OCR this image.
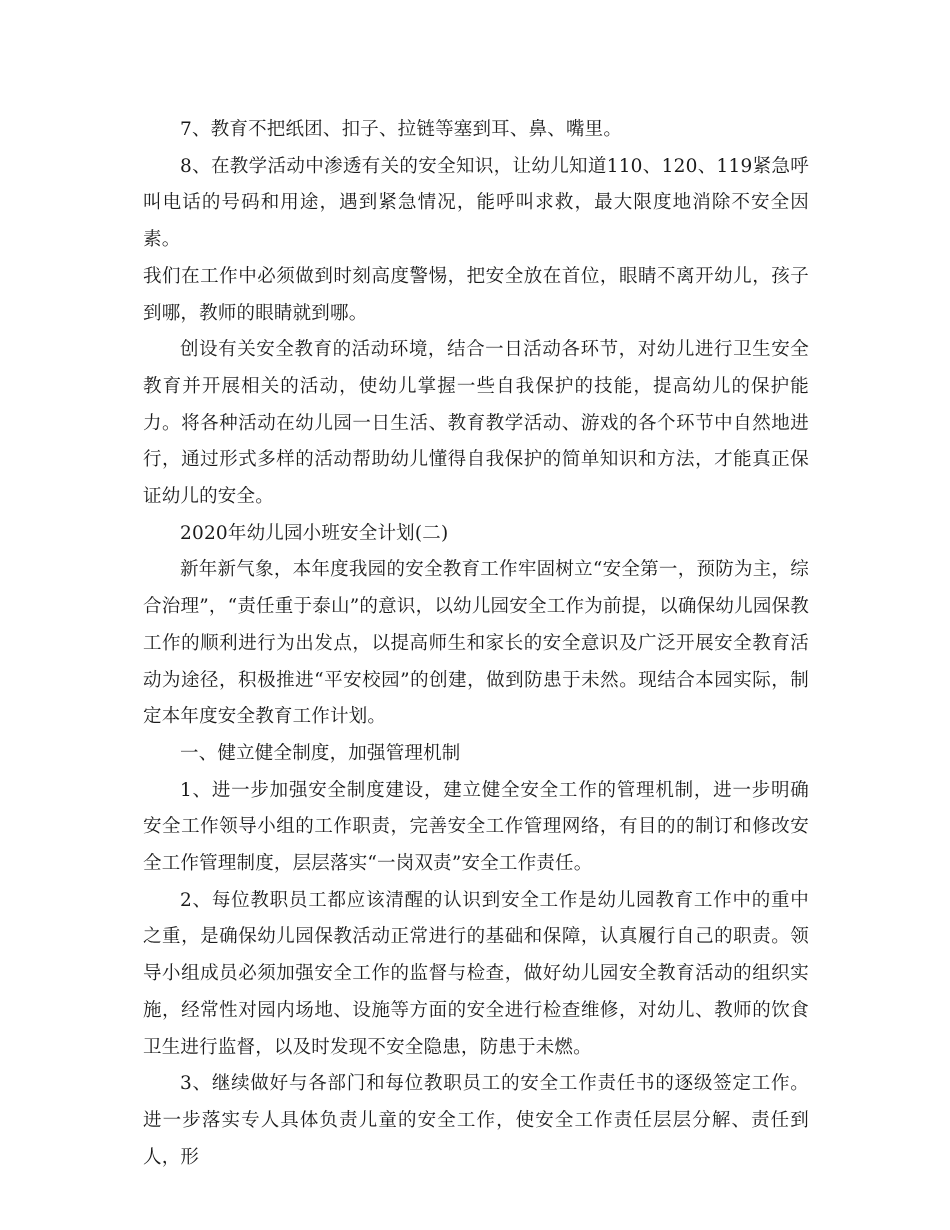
7、教育不把纸团、扣子、拉链等塞到耳、鼻、嘴里。

8、在教学活动中渗透有关的安全知识，让幼儿知道110、120、119紧急呼叫电话的号码和用途，遇到紧急情况，能呼叫求救，最大限度地消除不安全因素。

我们在工作中必须做到时刻高度警惕，把安全放在首位，眼睛不离开幼儿，孩子到哪，教师的眼睛就到哪。

创设有关安全教育的活动环境，结合一日活动各环节，对幼儿进行卫生安全教育并开展相关的活动，使幼儿掌握一些自我保护的技能，提高幼儿的保护能力。将各种活动在幼儿园一日生活、教育教学活动、游戏的各个环节中自然地进行，通过形式多样的活动帮助幼儿懂得自我保护的简单知识和方法，才能真正保证幼儿的安全。

2020年幼儿园小班安全计划(二)

新年新气象，本年度我园的安全教育工作牢固树立“安全第一，预防为主，综合治理”，“责任重于泰山”的意识，以幼儿园安全工作为前提，以确保幼儿园保教工作的顺利进行为出发点，以提高师生和家长的安全意识及广泛开展安全教育活动为途径，积极推进“平安校园”的创建，做到防患于未然。现结合本园实际，制定本年度安全教育工作计划。

一、健立健全制度，加强管理机制

1、进一步加强安全制度建设，建立健全安全工作的管理机制，进一步明确安全工作领导小组的工作职责，完善安全工作管理网络，有目的的制订和修改安全工作管理制度，层层落实“一岗双责”安全工作责任。

2、每位教职员工都应该清醒的认识到安全工作是幼儿园教育工作中的重中之重，是确保幼儿园保教活动正常进行的基础和保障，认真履行自己的职责。领导小组成员必须加强安全工作的监督与检查，做好幼儿园安全教育活动的组织实施，经常性对园内场地、设施等方面的安全进行检查维修，对幼儿、教师的饮食卫生进行监督，以及时发现不安全隐患，防患于未燃。

3、继续做好与各部门和每位教职员工的安全工作责任书的逐级签定工作。进一步落实专人具体负责儿童的安全工作，使安全工作责任层层分解、责任到人，形
